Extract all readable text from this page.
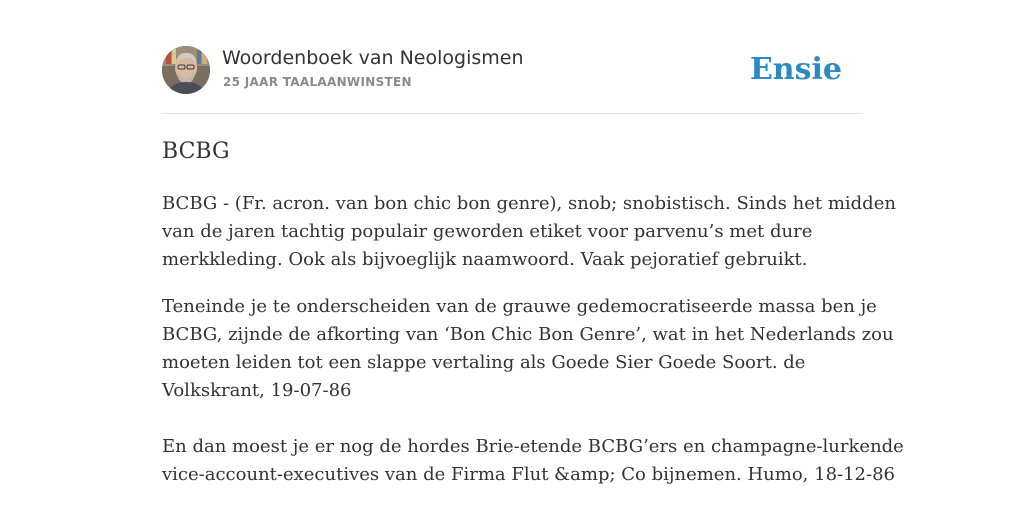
Woordenboek van Neologismen
25 JAAR TAALAANWINSTEN	Ensie
BCBG
BCBG - (Fr. acron. van bon chic bon genre), snob; snobistisch. Sinds het midden
van de jaren tachtig populair geworden etiket voor parvenu’s met dure
merkkleding. Ook als bijvoeglijk naamwoord. Vaak pejoratief gebruikt.
Teneinde je te onderscheiden van de grauwe gedemocratiseerde massa ben je
BCBG, zijnde de afkorting van ‘Bon Chic Bon Genre’, wat in het Nederlands zou
moeten leiden tot een slappe vertaling als Goede Sier Goede Soort. de
Volkskrant, 19-07-86
En dan moest je er nog de hordes Brie-etende BCBG’ers en champagne-lurkende
vice-account-executives van de Firma Flut &amp; Co bijnemen. Humo, 18-12-86
